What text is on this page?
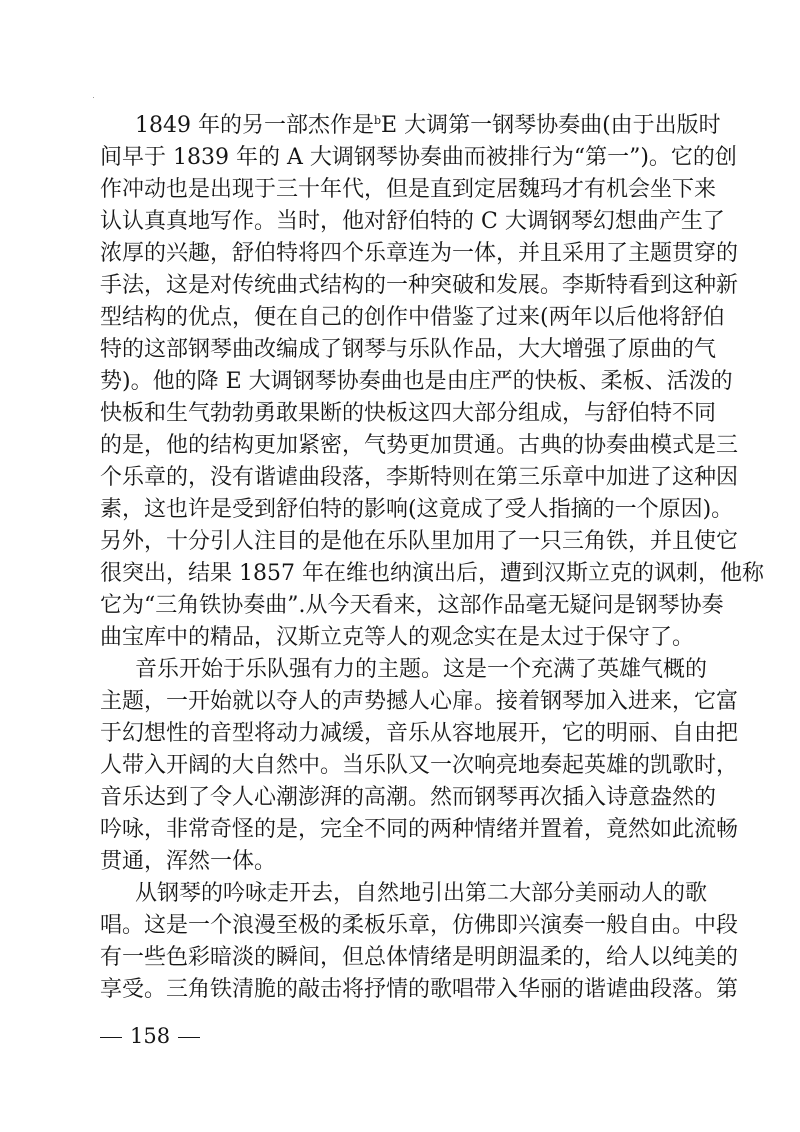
1849 年的另一部杰作是$^b$E 大调第一钢琴协奏曲(由于出版时
间早于 1839 年的 A 大调钢琴协奏曲而被排行为“第一”)。它的创
作冲动也是出现于三十年代，但是直到定居魏玛才有机会坐下来
认认真真地写作。当时，他对舒伯特的 C 大调钢琴幻想曲产生了
浓厚的兴趣，舒伯特将四个乐章连为一体，并且采用了主题贯穿的
手法，这是对传统曲式结构的一种突破和发展。李斯特看到这种新
型结构的优点，便在自己的创作中借鉴了过来(两年以后他将舒伯
特的这部钢琴曲改编成了钢琴与乐队作品，大大增强了原曲的气
势)。他的降 E 大调钢琴协奏曲也是由庄严的快板、柔板、活泼的
快板和生气勃勃勇敢果断的快板这四大部分组成，与舒伯特不同
的是，他的结构更加紧密，气势更加贯通。古典的协奏曲模式是三
个乐章的，没有谐谑曲段落，李斯特则在第三乐章中加进了这种因
素，这也许是受到舒伯特的影响(这竟成了受人指摘的一个原因)。
另外，十分引人注目的是他在乐队里加用了一只三角铁，并且使它
很突出，结果 1857 年在维也纳演出后，遭到汉斯立克的讽刺，他称
它为“三角铁协奏曲”.从今天看来，这部作品毫无疑问是钢琴协奏
曲宝库中的精品，汉斯立克等人的观念实在是太过于保守了。
音乐开始于乐队强有力的主题。这是一个充满了英雄气概的
主题，一开始就以夺人的声势撼人心扉。接着钢琴加入进来，它富
于幻想性的音型将动力减缓，音乐从容地展开，它的明丽、自由把
人带入开阔的大自然中。当乐队又一次响亮地奏起英雄的凯歌时，
音乐达到了令人心潮澎湃的高潮。然而钢琴再次插入诗意盎然的
吟咏，非常奇怪的是，完全不同的两种情绪并置着，竟然如此流畅
贯通，浑然一体。
从钢琴的吟咏走开去，自然地引出第二大部分美丽动人的歌
唱。这是一个浪漫至极的柔板乐章，仿佛即兴演奏一般自由。中段
有一些色彩暗淡的瞬间，但总体情绪是明朗温柔的，给人以纯美的
享受。三角铁清脆的敲击将抒情的歌唱带入华丽的谐谑曲段落。第
158
